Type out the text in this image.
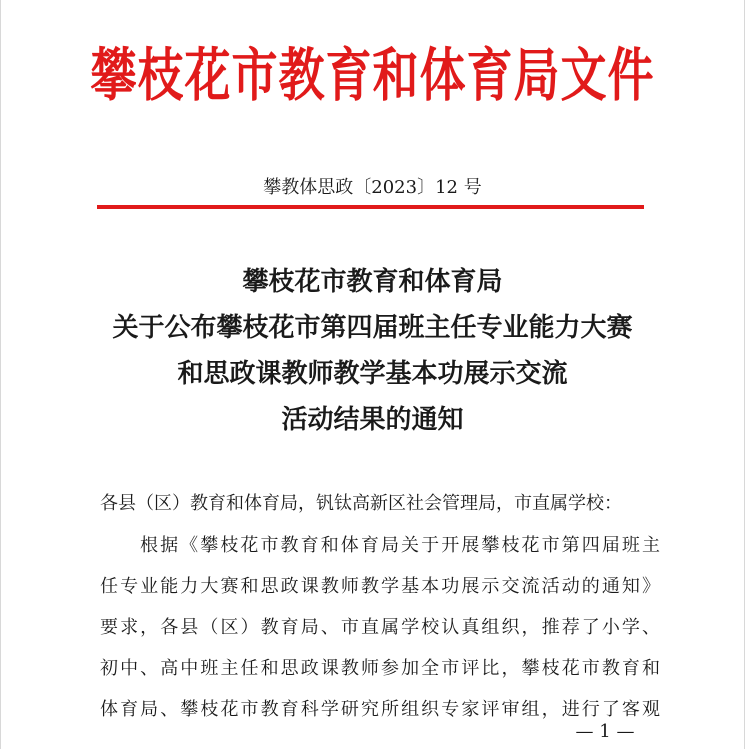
攀枝花市教育和体育局文件
攀教体思政〔2023〕12 号
攀枝花市教育和体育局
关于公布攀枝花市第四届班主任专业能力大赛
和思政课教师教学基本功展示交流
活动结果的通知
各县（区）教育和体育局，钒钛高新区社会管理局，市直属学校：
根据《攀枝花市教育和体育局关于开展攀枝花市第四届班主
任专业能力大赛和思政课教师教学基本功展示交流活动的通知》
要求，各县（区）教育局、市直属学校认真组织，推荐了小学、
初中、高中班主任和思政课教师参加全市评比，攀枝花市教育和
体育局、攀枝花市教育科学研究所组织专家评审组，进行了客观
— 1 —
